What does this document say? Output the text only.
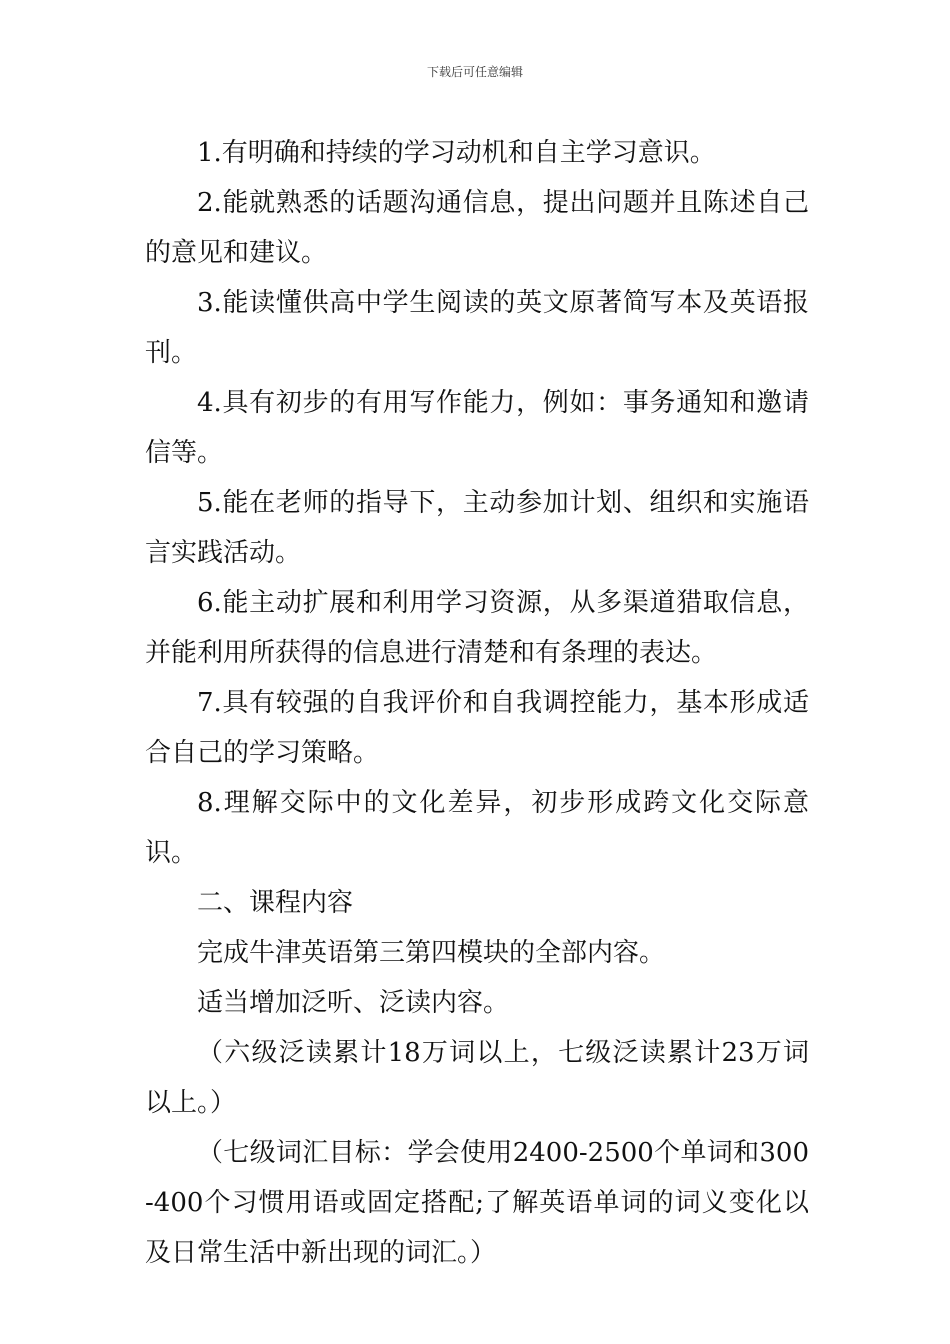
下载后可任意编辑

1.有明确和持续的学习动机和自主学习意识。

2.能就熟悉的话题沟通信息，提出问题并且陈述自己的意见和建议。

3.能读懂供高中学生阅读的英文原著简写本及英语报刊。

4.具有初步的有用写作能力，例如：事务通知和邀请信等。

5.能在老师的指导下，主动参加计划、组织和实施语言实践活动。

6.能主动扩展和利用学习资源，从多渠道猎取信息，并能利用所获得的信息进行清楚和有条理的表达。

7.具有较强的自我评价和自我调控能力，基本形成适合自己的学习策略。

8.理解交际中的文化差异，初步形成跨文化交际意识。

二、课程内容

完成牛津英语第三第四模块的全部内容。

适当增加泛听、泛读内容。

（六级泛读累计18万词以上，七级泛读累计23万词以上。）

（七级词汇目标：学会使用2400-2500个单词和300-400个习惯用语或固定搭配;了解英语单词的词义变化以及日常生活中新出现的词汇。）
